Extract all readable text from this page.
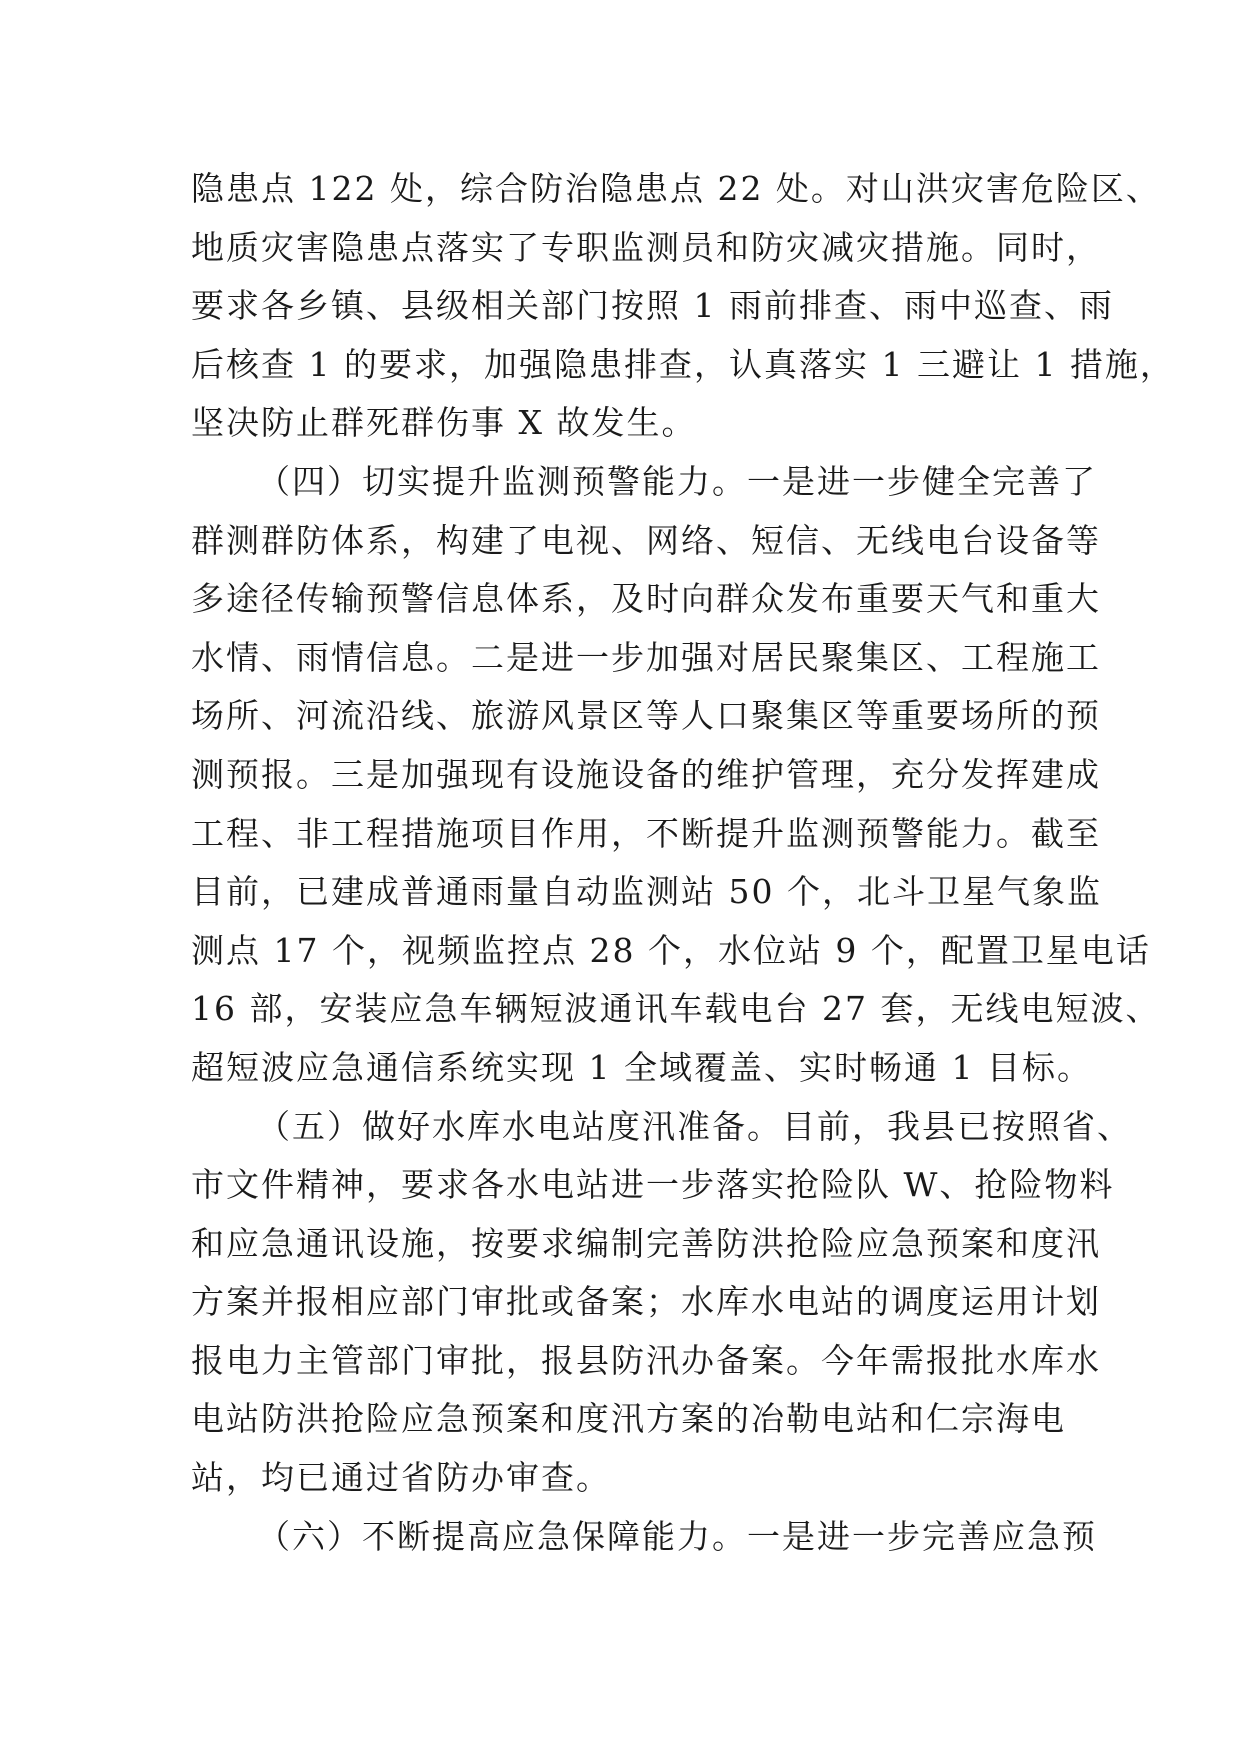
隐患点 122 处，综合防治隐患点 22 处。对山洪灾害危险区、
地质灾害隐患点落实了专职监测员和防灾减灾措施。同时，
要求各乡镇、县级相关部门按照 1 雨前排查、雨中巡查、雨
后核查 1 的要求，加强隐患排查，认真落实 1 三避让 1 措施，
坚决防止群死群伤事 X 故发生。
（四）切实提升监测预警能力。一是进一步健全完善了
群测群防体系，构建了电视、网络、短信、无线电台设备等
多途径传输预警信息体系，及时向群众发布重要天气和重大
水情、雨情信息。二是进一步加强对居民聚集区、工程施工
场所、河流沿线、旅游风景区等人口聚集区等重要场所的预
测预报。三是加强现有设施设备的维护管理，充分发挥建成
工程、非工程措施项目作用，不断提升监测预警能力。截至
目前，已建成普通雨量自动监测站 50 个，北斗卫星气象监
测点 17 个，视频监控点 28 个，水位站 9 个，配置卫星电话
16 部，安装应急车辆短波通讯车载电台 27 套，无线电短波、
超短波应急通信系统实现 1 全域覆盖、实时畅通 1 目标。
（五）做好水库水电站度汛准备。目前，我县已按照省、
市文件精神，要求各水电站进一步落实抢险队 W、抢险物料
和应急通讯设施，按要求编制完善防洪抢险应急预案和度汛
方案并报相应部门审批或备案；水库水电站的调度运用计划
报电力主管部门审批，报县防汛办备案。今年需报批水库水
电站防洪抢险应急预案和度汛方案的冶勒电站和仁宗海电
站，均已通过省防办审查。
（六）不断提高应急保障能力。一是进一步完善应急预
